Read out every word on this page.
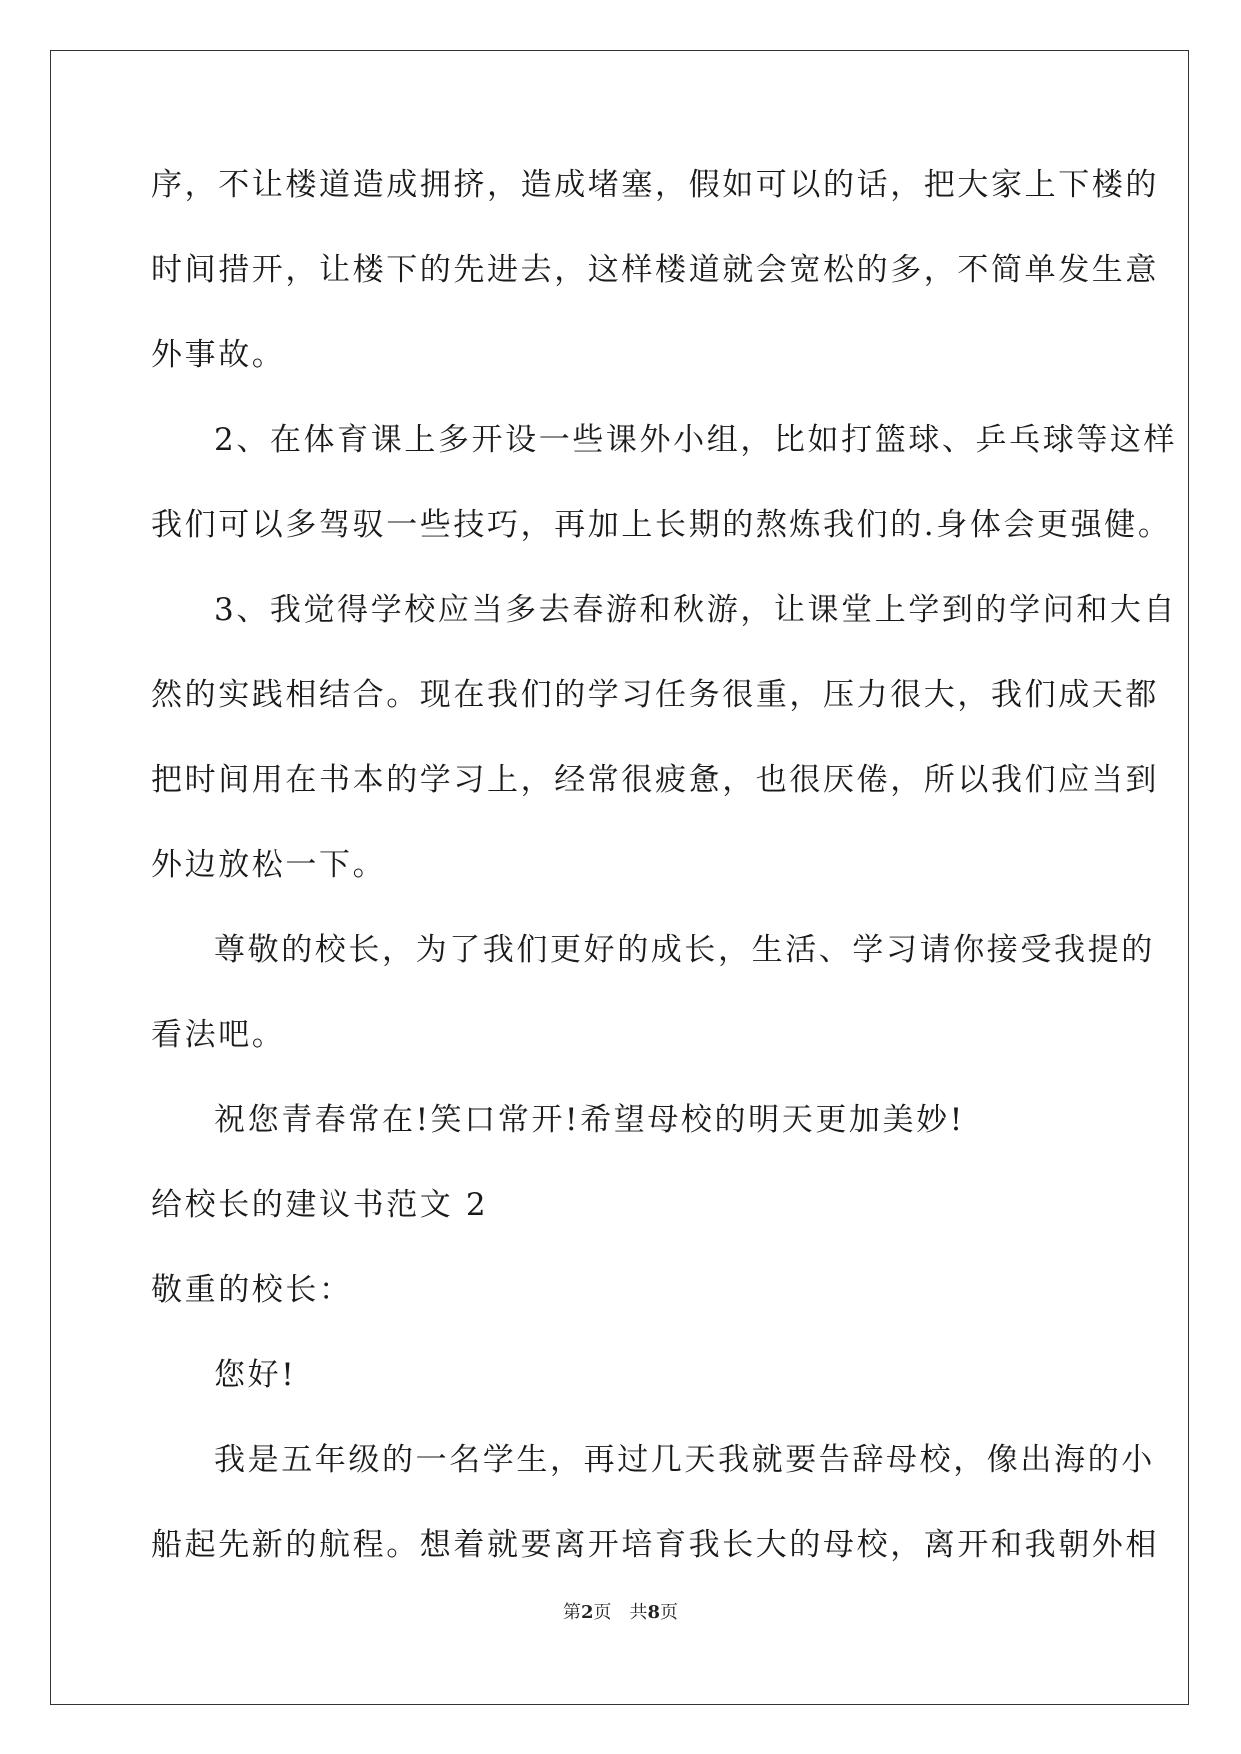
序，不让楼道造成拥挤，造成堵塞，假如可以的话，把大家上下楼的
时间措开，让楼下的先进去，这样楼道就会宽松的多，不简单发生意
外事故。
2、在体育课上多开设一些课外小组，比如打篮球、乒乓球等这样
我们可以多驾驭一些技巧，再加上长期的熬炼我们的.身体会更强健。
3、我觉得学校应当多去春游和秋游，让课堂上学到的学问和大自
然的实践相结合。现在我们的学习任务很重，压力很大，我们成天都
把时间用在书本的学习上，经常很疲惫，也很厌倦，所以我们应当到
外边放松一下。
尊敬的校长，为了我们更好的成长，生活、学习请你接受我提的
看法吧。
祝您青春常在!笑口常开!希望母校的明天更加美妙!
给校长的建议书范文 2
敬重的校长：
您好!
我是五年级的一名学生，再过几天我就要告辞母校，像出海的小
船起先新的航程。想着就要离开培育我长大的母校，离开和我朝外相
第2页　共8页
